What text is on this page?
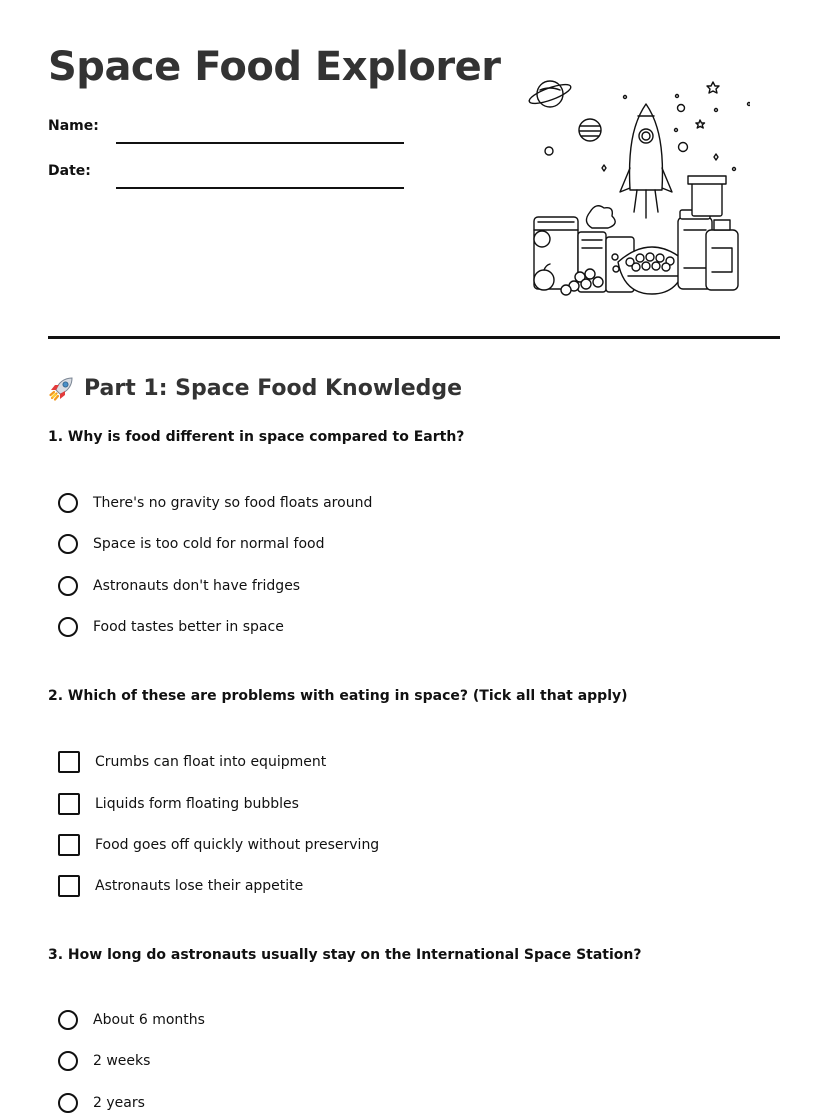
Space Food Explorer
Name:
Date:
Part 1: Space Food Knowledge
1. Why is food different in space compared to Earth?
There's no gravity so food floats around
Space is too cold for normal food
Astronauts don't have fridges
Food tastes better in space
2. Which of these are problems with eating in space? (Tick all that apply)
Crumbs can float into equipment
Liquids form floating bubbles
Food goes off quickly without preserving
Astronauts lose their appetite
3. How long do astronauts usually stay on the International Space Station?
About 6 months
2 weeks
2 years
